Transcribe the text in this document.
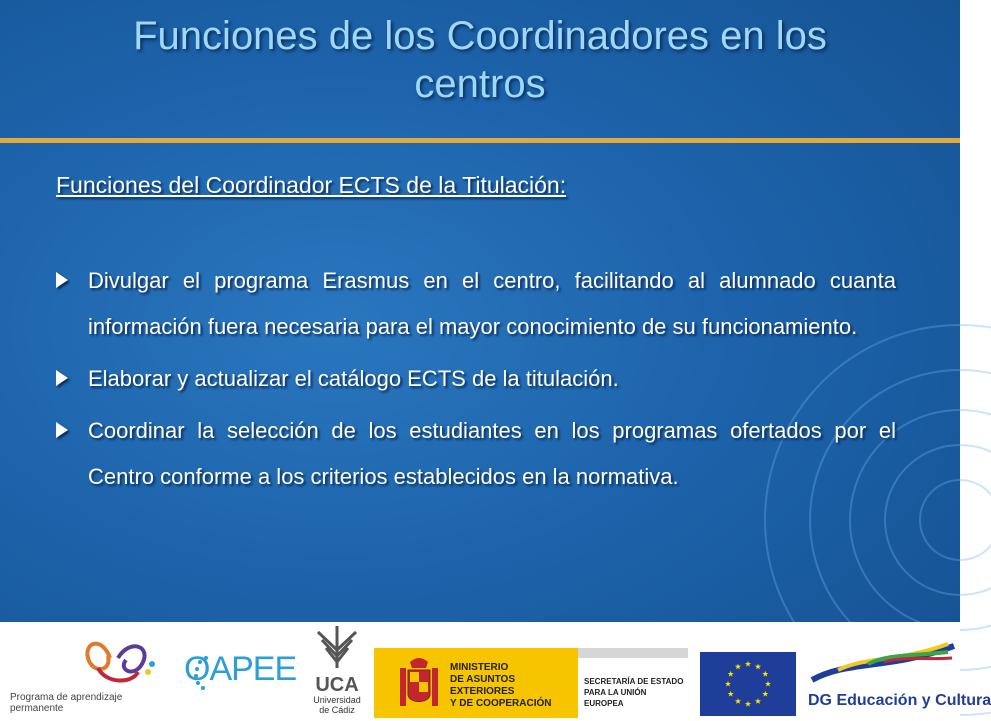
Funciones de los Coordinadores en los
centros
Funciones del Coordinador ECTS de la Titulación:
Divulgar el programa Erasmus en el centro, facilitando al alumnado cuanta información fuera necesaria para el mayor conocimiento de su funcionamiento.
Elaborar y actualizar el catálogo ECTS de la titulación.
Coordinar la selección de los estudiantes en los programas ofertados por el Centro conforme a los criterios establecidos en la normativa.
Programa de aprendizaje permanente
OAPEE UCA
Universidad
de Cádiz
MINISTERIO
DE ASUNTOS EXTERIORES
Y DE COOPERACIÓN
SECRETARÍA DE ESTADO
PARA LA UNIÓN EUROPEA	DG Educación y Cultura
